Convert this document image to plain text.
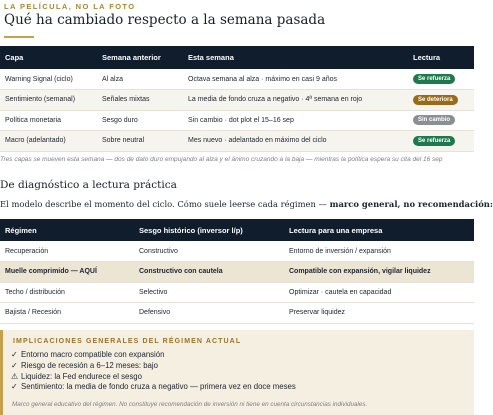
LA PELÍCULA, NO LA FOTO
Qué ha cambiado respecto a la semana pasada
Capa	Semana anterior	Esta semana	Lectura
Warning Signal (ciclo)	Al alza	Octava semana al alza · máximo en casi 9 años	Se refuerza
Sentimiento (semanal)	Señales mixtas	La media de fondo cruza a negativo · 4ª semana en rojo	Se deteriora
Política monetaria	Sesgo duro	Sin cambio · dot plot el 15–16 sep	Sin cambio
Macro (adelantado)	Sobre neutral	Mes nuevo · adelantado en máximo del ciclo	Se refuerza
Tres capas se mueven esta semana — dos de dato duro empujando al alza y el ánimo cruzando a la baja — mientras la política espera su cita del 16 sep
De diagnóstico a lectura práctica
El modelo describe el momento del ciclo. Cómo suele leerse cada régimen — marco general, no recomendación:
Régimen	Sesgo histórico (inversor l/p)	Lectura para una empresa
Recuperación	Constructivo	Entorno de inversión / expansión
Muelle comprimido — AQUÍ	Constructivo con cautela	Compatible con expansión, vigilar liquidez
Techo / distribución	Selectivo	Optimizar · cautela en capacidad
Bajista / Recesión	Defensivo	Preservar liquidez
IMPLICACIONES GENERALES DEL RÉGIMEN ACTUAL
✓ Entorno macro compatible con expansión
✓ Riesgo de recesión a 6–12 meses: bajo
⚠ Liquidez: la Fed endurece el sesgo
✓ Sentimiento: la media de fondo cruza a negativo — primera vez en doce meses
Marco general educativo del régimen. No constituye recomendación de inversión ni tiene en cuenta circunstancias individuales.
